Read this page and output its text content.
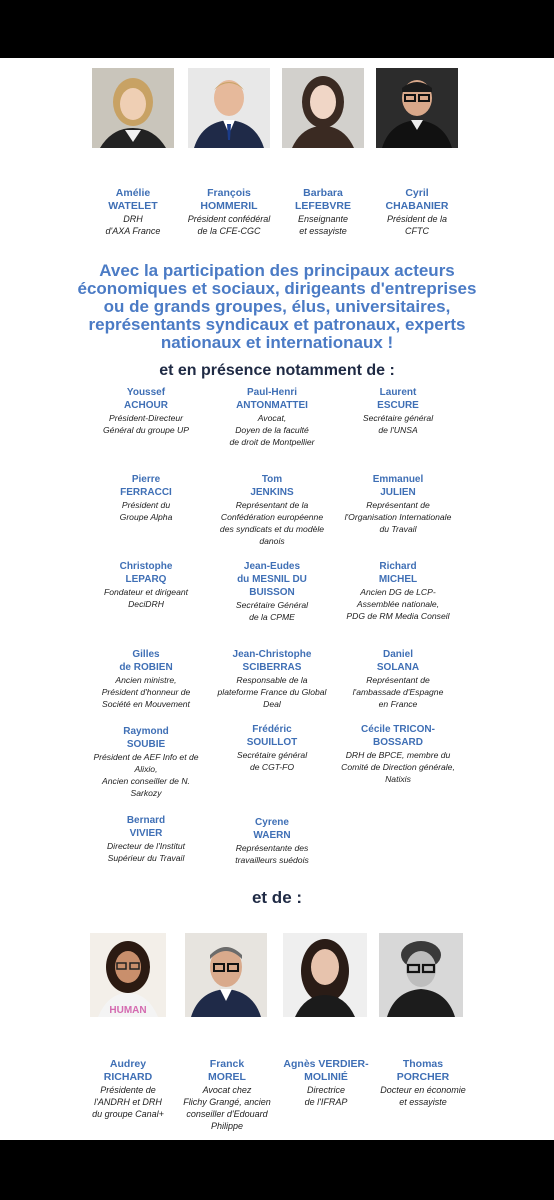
Amélie
WATELET
DRH
d'AXA France
François
HOMMERIL
Président confédéral
de la CFE-CGC
Barbara
LEFEBVRE
Enseignante
et essayiste
Cyril
CHABANIER
Président de la
CFTC
Avec la participation des principaux acteurs économiques et sociaux, dirigeants d'entreprises ou de grands groupes, élus, universitaires, représentants syndicaux et patronaux, experts nationaux et internationaux !
et en présence notamment de :
Youssef
ACHOUR
Président-Directeur
Général du groupe UP
Paul-Henri
ANTONMATTEI
Avocat,
Doyen de la faculté
de droit de Montpellier
Laurent
ESCURE
Secrétaire général
de l'UNSA
Pierre
FERRACCI
Président du
Groupe Alpha
Tom
JENKINS
Représentant de la
Confédération européenne
des syndicats et du modèle
danois
Emmanuel
JULIEN
Représentant de
l'Organisation Internationale
du Travail
Christophe
LEPARQ
Fondateur et dirigeant
DeciDRH
Jean-Eudes
du MESNIL DU
BUISSON
Secrétaire Général
de la CPME
Richard
MICHEL
Ancien DG de LCP-
Assemblée nationale,
PDG de RM Media Conseil
Gilles
de ROBIEN
Ancien ministre,
Président d'honneur de
Société en Mouvement
Jean-Christophe
SCIBERRAS
Responsable de la
plateforme France du Global
Deal
Daniel
SOLANA
Représentant de
l'ambassade d'Espagne
en France
Raymond
SOUBIE
Président de AEF Info et de
Alixio,
Ancien conseiller de N.
Sarkozy
Frédéric
SOUILLOT
Secrétaire général
de CGT-FO
Cécile TRICON-
BOSSARD
DRH de BPCE, membre du
Comité de Direction générale,
Natixis
Bernard
VIVIER
Directeur de l'Institut
Supérieur du Travail
Cyrene
WAERN
Représentante des
travailleurs suédois
et de :
HUMAN
Audrey
RICHARD
Présidente de
l'ANDRH et DRH
du groupe Canal+
Franck
MOREL
Avocat chez
Flichy Grangé, ancien
conseiller d'Edouard
Philippe
Agnès VERDIER-
MOLINIÉ
Directrice
de l'IFRAP
Thomas
PORCHER
Docteur en économie
et essayiste
